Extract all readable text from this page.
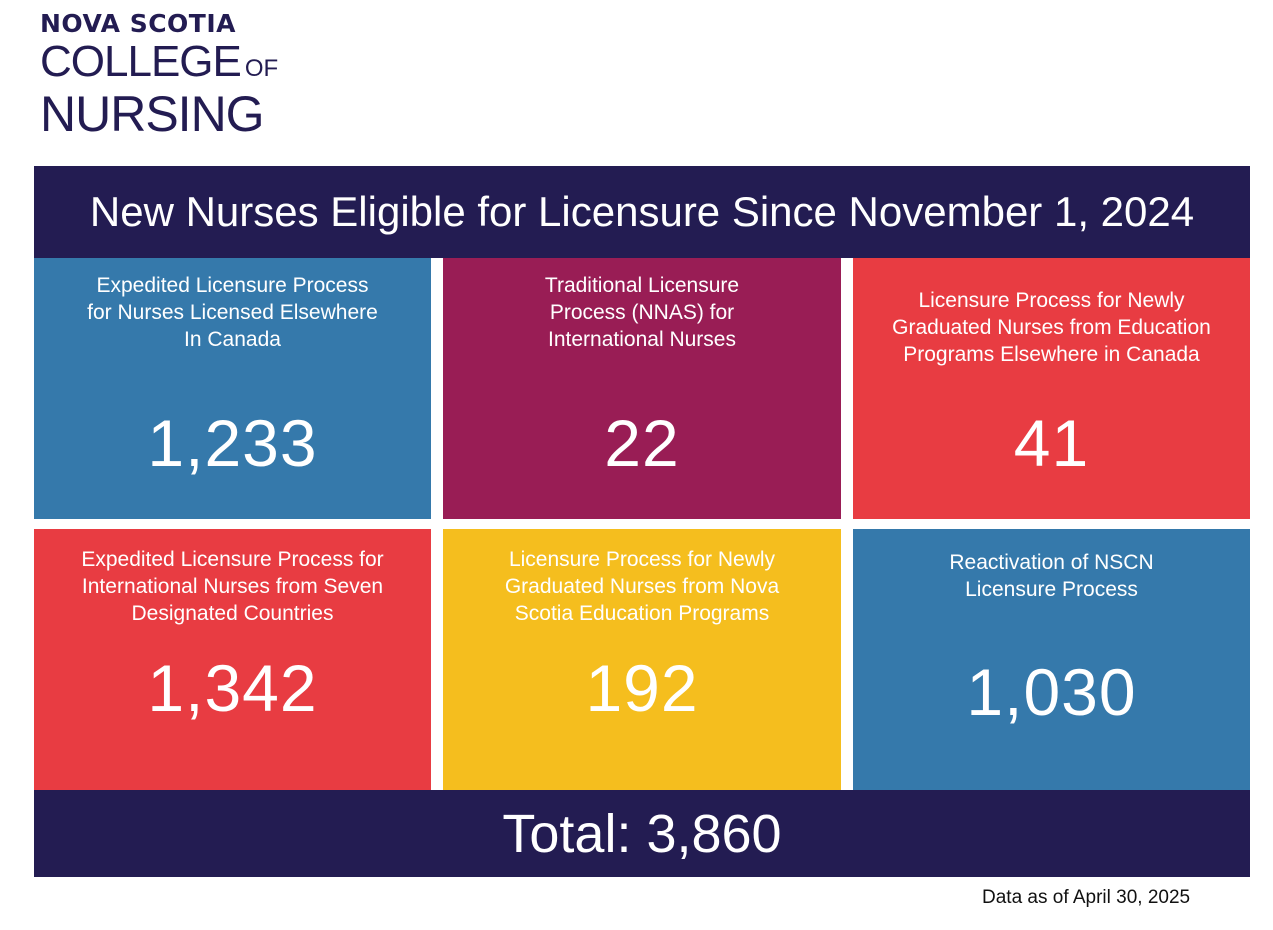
NOVA SCOTIA
COLLEGE OF
NURSING
New Nurses Eligible for Licensure Since November 1, 2024
Expedited Licensure Process
for Nurses Licensed Elsewhere
In Canada
1,233
Traditional Licensure
Process (NNAS) for
International Nurses
22
Licensure Process for Newly
Graduated Nurses from Education
Programs Elsewhere in Canada
41
Expedited Licensure Process for
International Nurses from Seven
Designated Countries
1,342
Licensure Process for Newly
Graduated Nurses from Nova
Scotia Education Programs
192
Reactivation of NSCN
Licensure Process
1,030
Total: 3,860
Data as of April 30, 2025
